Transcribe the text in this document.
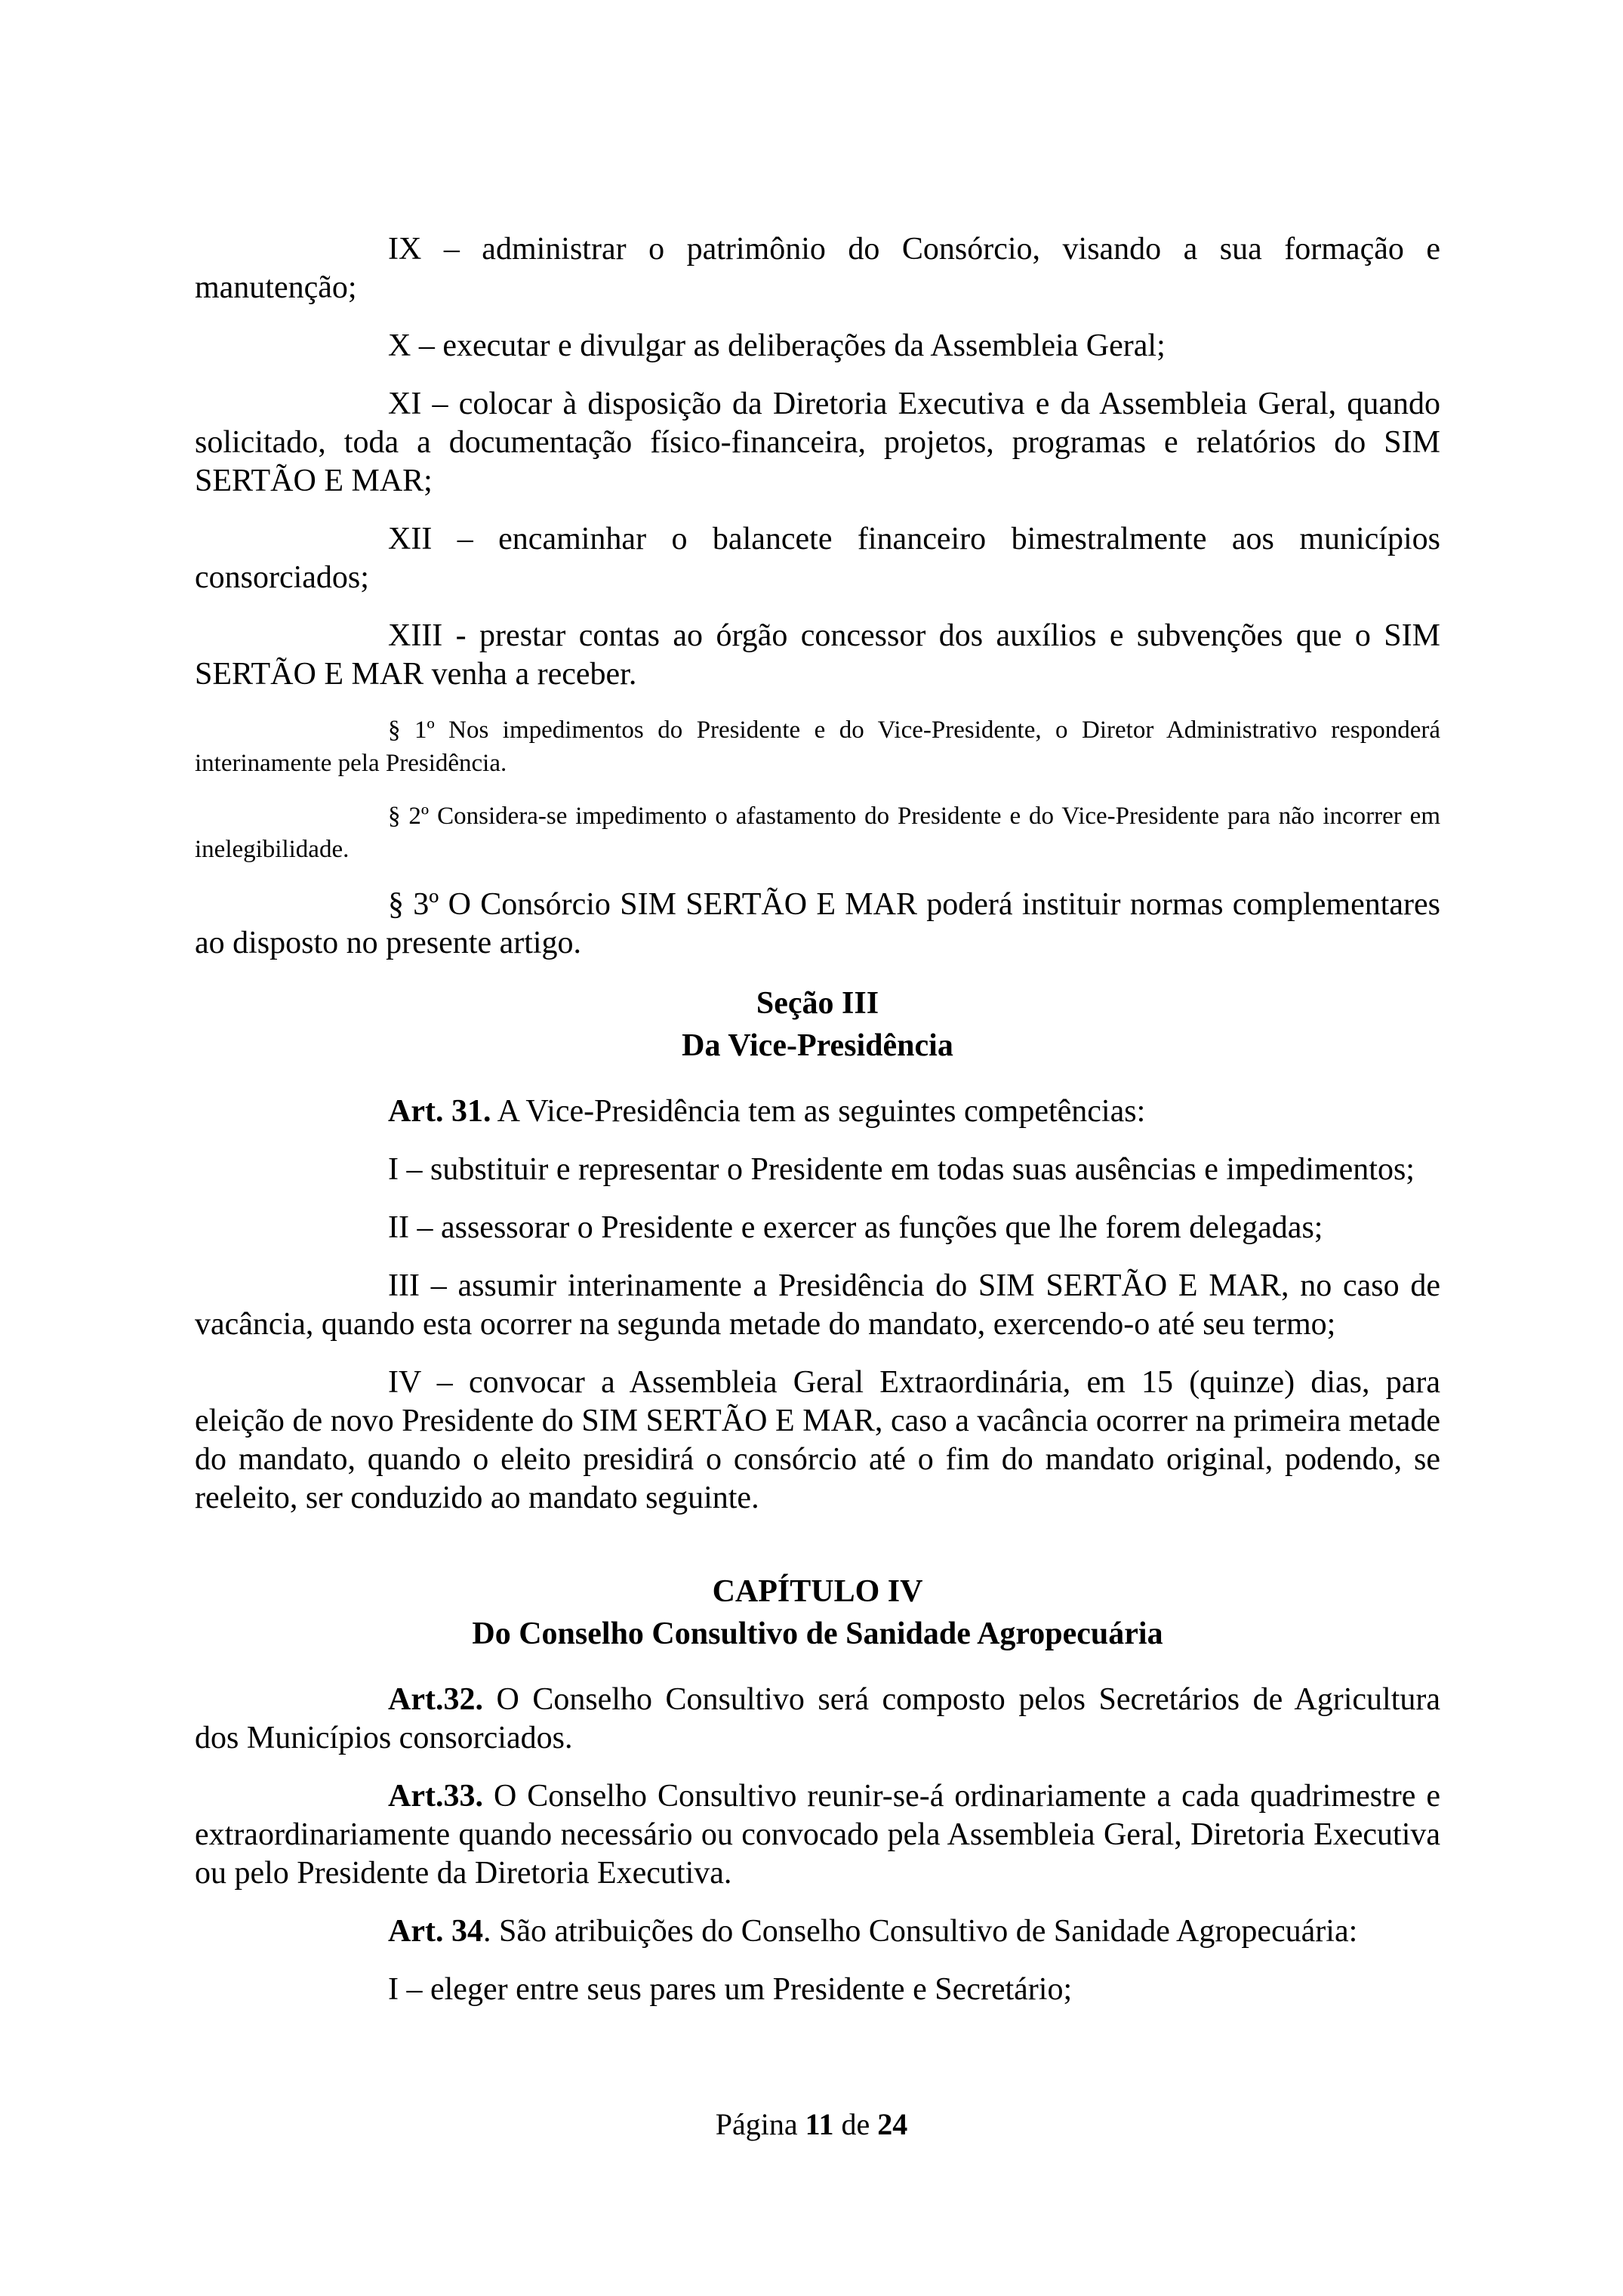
IX – administrar o patrimônio do Consórcio, visando a sua formação e manutenção;

X – executar e divulgar as deliberações da Assembleia Geral;

XI – colocar à disposição da Diretoria Executiva e da Assembleia Geral, quando solicitado, toda a documentação físico-financeira, projetos, programas e relatórios do SIM SERTÃO E MAR;

XII – encaminhar o balancete financeiro bimestralmente aos municípios consorciados;

XIII - prestar contas ao órgão concessor dos auxílios e subvenções que o SIM SERTÃO E MAR venha a receber.

§ 1º Nos impedimentos do Presidente e do Vice-Presidente, o Diretor Administrativo responderá interinamente pela Presidência.

§ 2º Considera-se impedimento o afastamento do Presidente e do Vice-Presidente para não incorrer em inelegibilidade.

§ 3º O Consórcio SIM SERTÃO E MAR poderá instituir normas complementares ao disposto no presente artigo.

Seção III
Da Vice-Presidência

Art. 31. A Vice-Presidência tem as seguintes competências:

I – substituir e representar o Presidente em todas suas ausências e impedimentos;

II – assessorar o Presidente e exercer as funções que lhe forem delegadas;

III – assumir interinamente a Presidência do SIM SERTÃO E MAR, no caso de vacância, quando esta ocorrer na segunda metade do mandato, exercendo-o até seu termo;

IV – convocar a Assembleia Geral Extraordinária, em 15 (quinze) dias, para eleição de novo Presidente do SIM SERTÃO E MAR, caso a vacância ocorrer na primeira metade do mandato, quando o eleito presidirá o consórcio até o fim do mandato original, podendo, se reeleito, ser conduzido ao mandato seguinte.

CAPÍTULO IV
Do Conselho Consultivo de Sanidade Agropecuária

Art.32. O Conselho Consultivo será composto pelos Secretários de Agricultura dos Municípios consorciados.

Art.33. O Conselho Consultivo reunir-se-á ordinariamente a cada quadrimestre e extraordinariamente quando necessário ou convocado pela Assembleia Geral, Diretoria Executiva ou pelo Presidente da Diretoria Executiva.

Art. 34. São atribuições do Conselho Consultivo de Sanidade Agropecuária:

I – eleger entre seus pares um Presidente e Secretário;

Página 11 de 24
